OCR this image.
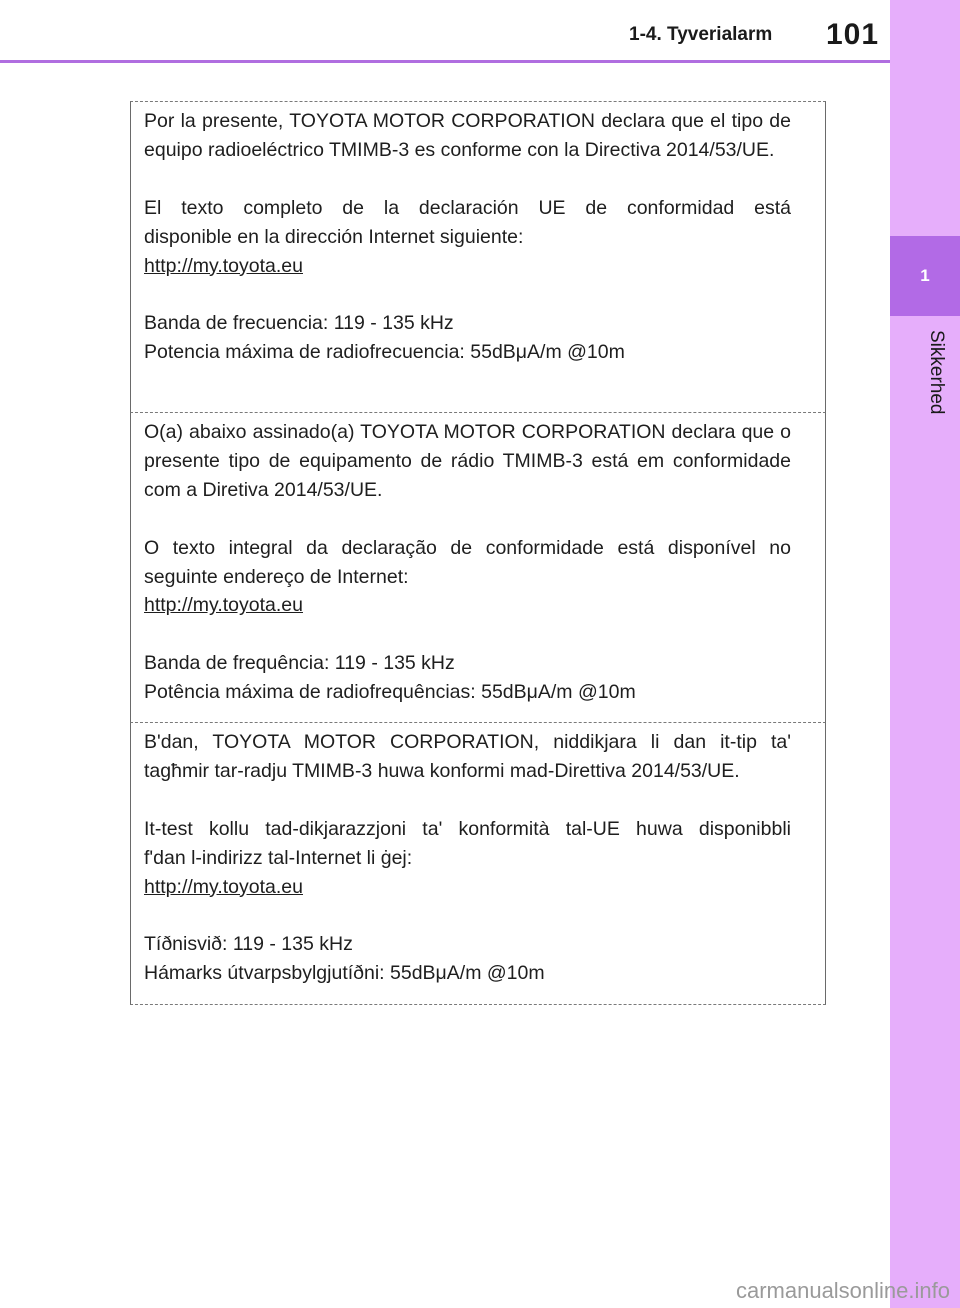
1-4. Tyverialarm 101
1
Sikkerhed

Por la presente, TOYOTA MOTOR CORPORATION declara que el tipo de equipo radioeléctrico TMIMB-3 es conforme con la Directiva 2014/53/UE.

El texto completo de la declaración UE de conformidad está

disponible en la dirección Internet siguiente:

http://my.toyota.eu

Banda de frecuencia: 119 - 135 kHz

Potencia máxima de radiofrecuencia: 55dBμA/m @10m

O(a) abaixo assinado(a) TOYOTA MOTOR CORPORATION declara que o presente tipo de equipamento de rádio TMIMB-3 está em conformidade com a Diretiva 2014/53/UE.

O texto integral da declaração de conformidade está disponível no

seguinte endereço de Internet:

http://my.toyota.eu

Banda de frequência: 119 - 135 kHz

Potência máxima de radiofrequências: 55dBμA/m @10m

B'dan, TOYOTA MOTOR CORPORATION, niddikjara li dan it-tip ta' tagħmir tar-radju TMIMB-3 huwa konformi mad-Direttiva 2014/53/UE.

It-test kollu tad-dikjarazzjoni ta' konformità tal-UE huwa disponibbli

f'dan l-indirizz tal-Internet li ġej:

http://my.toyota.eu

Tíðnisvið: 119 - 135 kHz

Hámarks útvarpsbylgjutíðni: 55dBμA/m @10m

carmanualsonline.info
